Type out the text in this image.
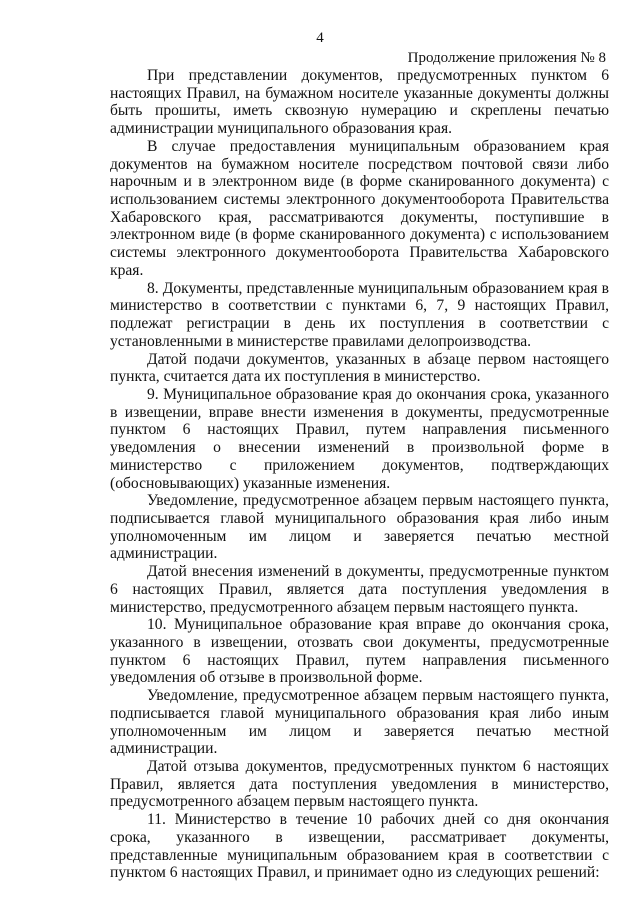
4

Продолжение приложения № 8

При представлении документов, предусмотренных пунктом 6 настоящих Правил, на бумажном носителе указанные документы должны быть прошиты, иметь сквозную нумерацию и скреплены печатью администрации муниципального образования края.

В случае предоставления муниципальным образованием края документов на бумажном носителе посредством почтовой связи либо нарочным и в электронном виде (в форме сканированного документа) с использованием системы электронного документооборота Правительства Хабаровского края, рассматриваются документы, поступившие в электронном виде (в форме сканированного документа) с использованием системы электронного документооборота Правительства Хабаровского края.

8. Документы, представленные муниципальным образованием края в министерство в соответствии с пунктами 6, 7, 9 настоящих Правил, подлежат регистрации в день их поступления в соответствии с установленными в министерстве правилами делопроизводства.

Датой подачи документов, указанных в абзаце первом настоящего пункта, считается дата их поступления в министерство.

9. Муниципальное образование края до окончания срока, указанного в извещении, вправе внести изменения в документы, предусмотренные пунктом 6 настоящих Правил, путем направления письменного уведомления о внесении изменений в произвольной форме в министерство с приложением документов, подтверждающих (обосновывающих) указанные изменения.

Уведомление, предусмотренное абзацем первым настоящего пункта, подписывается главой муниципального образования края либо иным уполномоченным им лицом и заверяется печатью местной администрации.

Датой внесения изменений в документы, предусмотренные пунктом 6 настоящих Правил, является дата поступления уведомления в министерство, предусмотренного абзацем первым настоящего пункта.

10. Муниципальное образование края вправе до окончания срока, указанного в извещении, отозвать свои документы, предусмотренные пунктом 6 настоящих Правил, путем направления письменного уведомления об отзыве в произвольной форме.

Уведомление, предусмотренное абзацем первым настоящего пункта, подписывается главой муниципального образования края либо иным уполномоченным им лицом и заверяется печатью местной администрации.

Датой отзыва документов, предусмотренных пунктом 6 настоящих Правил, является дата поступления уведомления в министерство, предусмотренного абзацем первым настоящего пункта.

11. Министерство в течение 10 рабочих дней со дня окончания срока, указанного в извещении, рассматривает документы, представленные муниципальным образованием края в соответствии с пунктом 6 настоящих Правил, и принимает одно из следующих решений:
